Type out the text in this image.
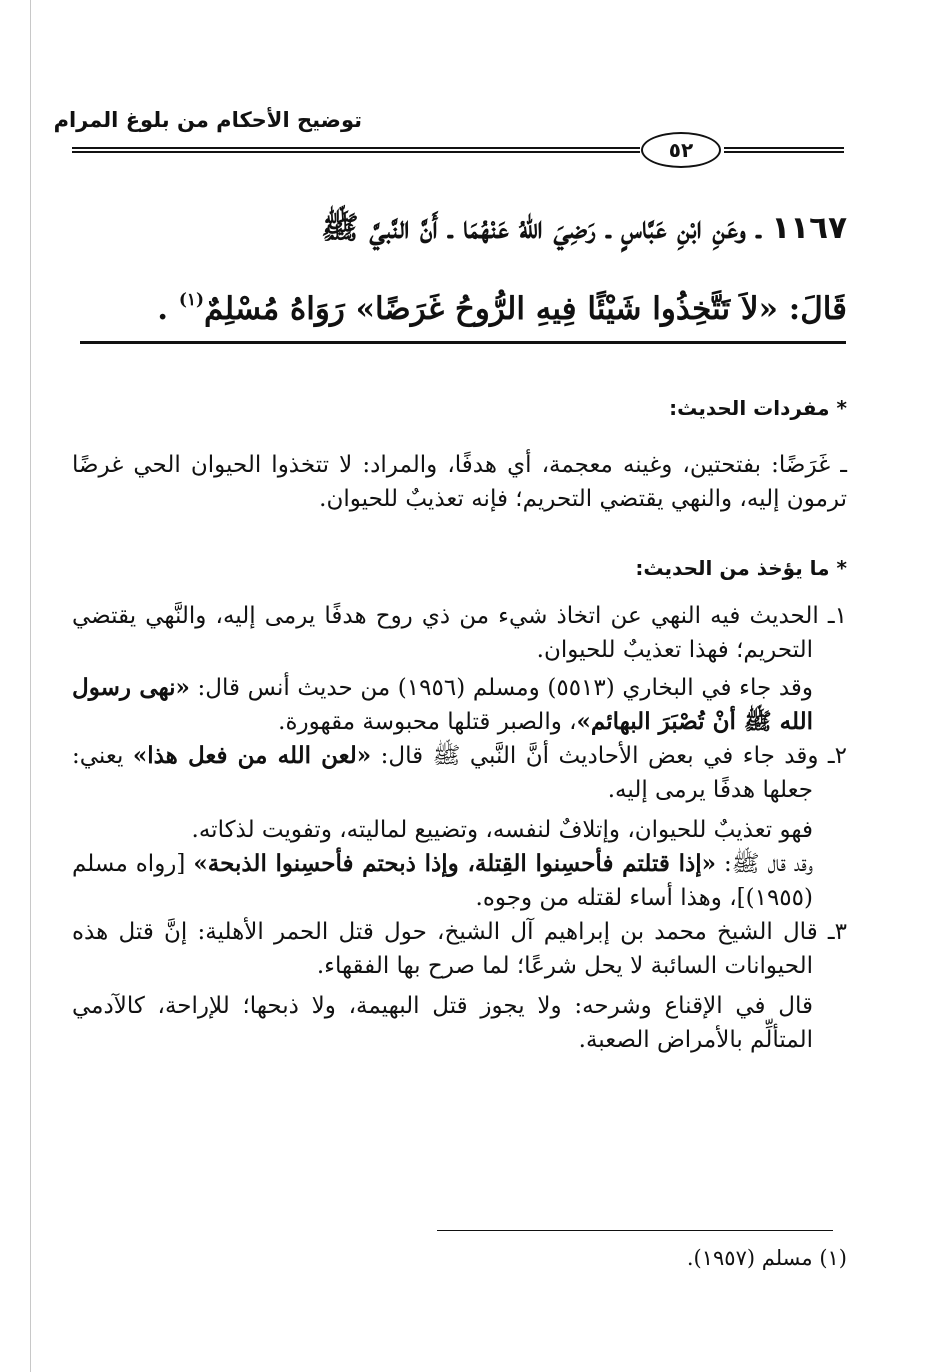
توضيح الأحكام من بلوغ المرام
٥٢
١١٦٧ ـ وعَنِ ابْنِ عَبَّاسٍ ـ رَضِيَ اللهُ عَنْهُمَا ـ أَنَّ النَّبيَّ ﷺ
قَالَ: «لاَ تَتَّخِذُوا شَيْئًا فِيهِ الرُّوحُ غَرَضًا» رَوَاهُ مُسْلِمٌ$^{(١)}$ .
* مفردات الحديث:

ـ غَرَضًا: بفتحتين، وغينه معجمة، أي هدفًا، والمراد: لا تتخذوا الحيوان الحي غرضًا ترمون إليه، والنهي يقتضي التحريم؛ فإنه تعذيبٌ للحيوان.

* ما يؤخذ من الحديث:

١ـ الحديث فيه النهي عن اتخاذ شيء من ذي روح هدفًا يرمى إليه، والنَّهي يقتضي التحريم؛ فهذا تعذيبٌ للحيوان.

وقد جاء في البخاري (٥٥١٣) ومسلم (١٩٥٦) من حديث أنس قال: «نهى رسول الله ﷺ أنْ تُصْبَرَ البهائم»، والصبر قتلها محبوسة مقهورة.

٢ـ وقد جاء في بعض الأحاديث أنَّ النَّبي ﷺ قال: «لعن الله من فعل هذا» يعني: جعلها هدفًا يرمى إليه.

فهو تعذيبٌ للحيوان، وإتلافٌ لنفسه، وتضييع لماليته، وتفويت لذكاته.

وقد قال ﷺ: «إذا قتلتم فأحسِنوا القِتلة، وإذا ذبحتم فأحسِنوا الذبحة» [رواه مسلم (١٩٥٥)]، وهذا أساء لقتله من وجوه.

٣ـ قال الشيخ محمد بن إبراهيم آل الشيخ، حول قتل الحمر الأهلية: إنَّ قتل هذه الحيوانات السائبة لا يحل شرعًا؛ لما صرح بها الفقهاء.

قال في الإقناع وشرحه: ولا يجوز قتل البهيمة، ولا ذبحها؛ للإراحة، كالآدمي المتألِّم بالأمراض الصعبة.

(١) مسلم (١٩٥٧).
